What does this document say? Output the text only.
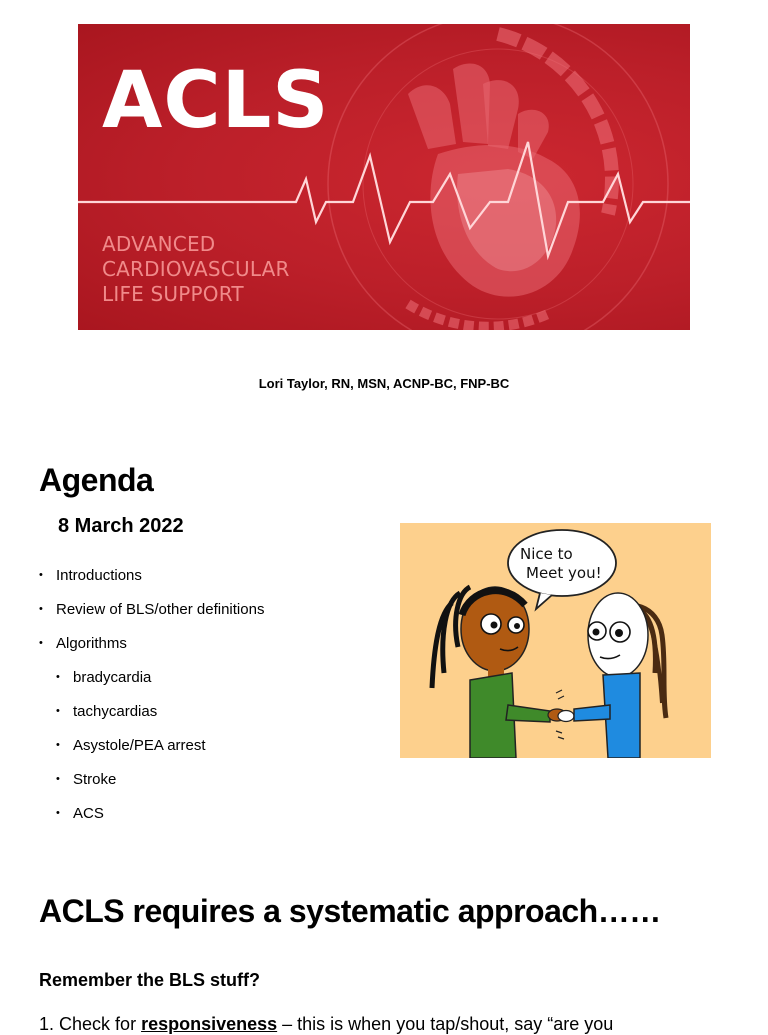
ACLS
ADVANCED
CARDIOVASCULAR
LIFE SUPPORT
Lori Taylor, RN, MSN, ACNP-BC, FNP-BC
Agenda
8 March 2022
• Introductions
• Review of BLS/other definitions
• Algorithms
• bradycardia
• tachycardias
• Asystole/PEA arrest
• Stroke
• ACS
Nice to
Meet you!
ACLS requires a systematic approach……
Remember the BLS stuff?
1. Check for responsiveness – this is when you tap/shout, say “are you
